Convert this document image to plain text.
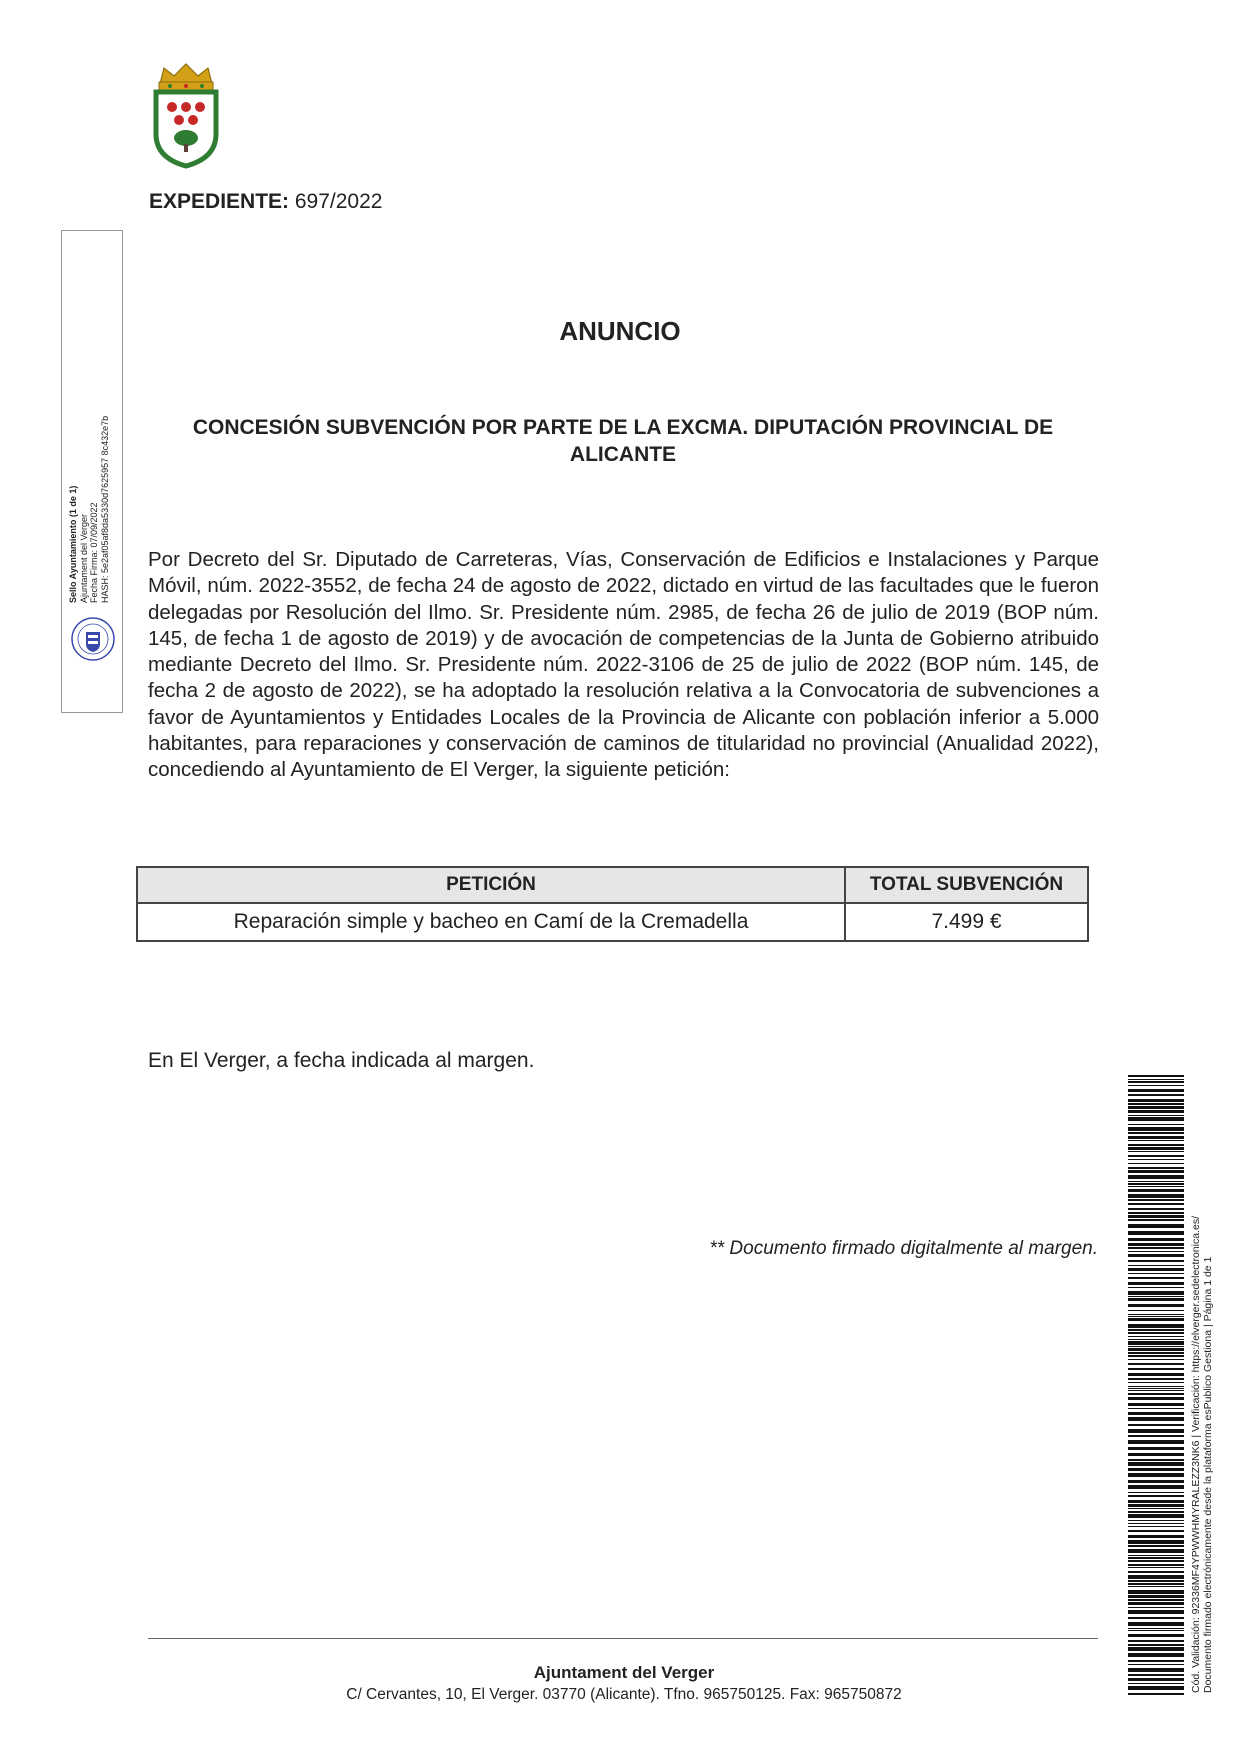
EXPEDIENTE: 697/2022
ANUNCIO
CONCESIÓN SUBVENCIÓN POR PARTE DE LA EXCMA. DIPUTACIÓN PROVINCIAL DE ALICANTE
Por Decreto del Sr. Diputado de Carreteras, Vías, Conservación de Edificios e Instalaciones y Parque Móvil, núm. 2022-3552, de fecha 24 de agosto de 2022, dictado en virtud de las facultades que le fueron delegadas por Resolución del Ilmo. Sr. Presidente núm. 2985, de fecha 26 de julio de 2019 (BOP núm. 145, de fecha 1 de agosto de 2019) y de avocación de competencias de la Junta de Gobierno atribuido mediante Decreto del Ilmo. Sr. Presidente núm. 2022-3106 de 25 de julio de 2022 (BOP núm. 145, de fecha 2 de agosto de 2022), se ha adoptado la resolución relativa a la Convocatoria de subvenciones a favor de Ayuntamientos y Entidades Locales de la Provincia de Alicante con población inferior a 5.000 habitantes, para reparaciones y conservación de caminos de titularidad no provincial (Anualidad 2022), concediendo al Ayuntamiento de El Verger, la siguiente petición:
PETICIÓN	TOTAL SUBVENCIÓN
Reparación simple y bacheo en Camí de la Cremadella	7.499 €
En El Verger, a fecha indicada al margen.
** Documento firmado digitalmente al margen.
Sello Ayuntamiento (1 de 1) Ajuntament del Verger Fecha Firma: 07/09/2022 HASH: 5e2af05af8da5330d7625957 8c432e7b
Cód. Validación: 92336MF4YPWWHMYRALEZZ3NK6 | Verificación: https://elverger.sedelectronica.es/ Documento firmado electrónicamente desde la plataforma esPublico Gestiona | Página 1 de 1
Ajuntament del Verger
C/ Cervantes, 10, El Verger. 03770 (Alicante). Tfno. 965750125. Fax: 965750872
